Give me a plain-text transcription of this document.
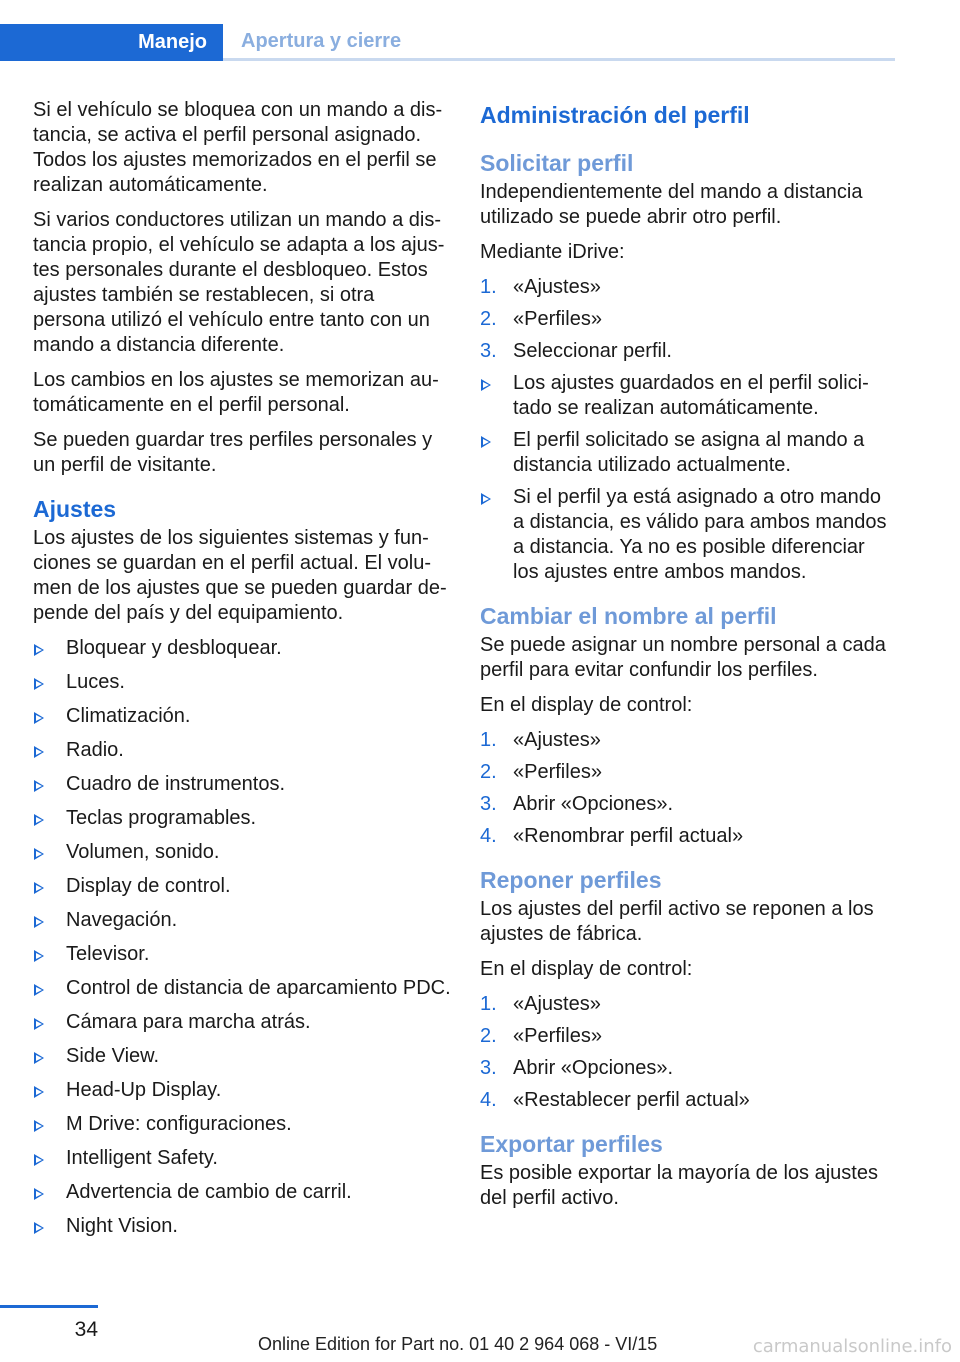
Manejo	Apertura y cierre

Si el vehículo se bloquea con un mando a dis‐tancia, se activa el perfil personal asignado. Todos los ajustes memorizados en el perfil se realizan automáticamente.

Si varios conductores utilizan un mando a dis‐tancia propio, el vehículo se adapta a los ajus‐tes personales durante el desbloqueo. Estos ajustes también se restablecen, si otra persona utilizó el vehículo entre tanto con un mando a distancia diferente.

Los cambios en los ajustes se memorizan au‐tomáticamente en el perfil personal.

Se pueden guardar tres perfiles personales y un perfil de visitante.

Ajustes

Los ajustes de los siguientes sistemas y fun‐ciones se guardan en el perfil actual. El volu‐men de los ajustes que se pueden guardar de‐pende del país y del equipamiento.

Bloquear y desbloquear.
Luces.
Climatización.
Radio.
Cuadro de instrumentos.
Teclas programables.
Volumen, sonido.
Display de control.
Navegación.
Televisor.
Control de distancia de aparcamiento PDC.
Cámara para marcha atrás.
Side View.
Head-Up Display.
M Drive: configuraciones.
Intelligent Safety.
Advertencia de cambio de carril.
Night Vision.
Administración del perfil
Solicitar perfil

Independientemente del mando a distancia utilizado se puede abrir otro perfil.

Mediante iDrive:

1. «Ajustes»
2. «Perfiles»
3. Seleccionar perfil.
Los ajustes guardados en el perfil solici‐tado se realizan automáticamente.
El perfil solicitado se asigna al mando a distancia utilizado actualmente.
Si el perfil ya está asignado a otro mando a distancia, es válido para ambos mandos a distancia. Ya no es posible diferenciar los ajustes entre ambos mandos.
Cambiar el nombre al perfil

Se puede asignar un nombre personal a cada perfil para evitar confundir los perfiles.

En el display de control:

1. «Ajustes»
2. «Perfiles»
3. Abrir «Opciones».
4. «Renombrar perfil actual»
Reponer perfiles

Los ajustes del perfil activo se reponen a los ajustes de fábrica.

En el display de control:

1. «Ajustes»
2. «Perfiles»
3. Abrir «Opciones».
4. «Restablecer perfil actual»
Exportar perfiles

Es posible exportar la mayoría de los ajustes del perfil activo.

34
Online Edition for Part no. 01 40 2 964 068 - VI/15	carmanualsonline.info
